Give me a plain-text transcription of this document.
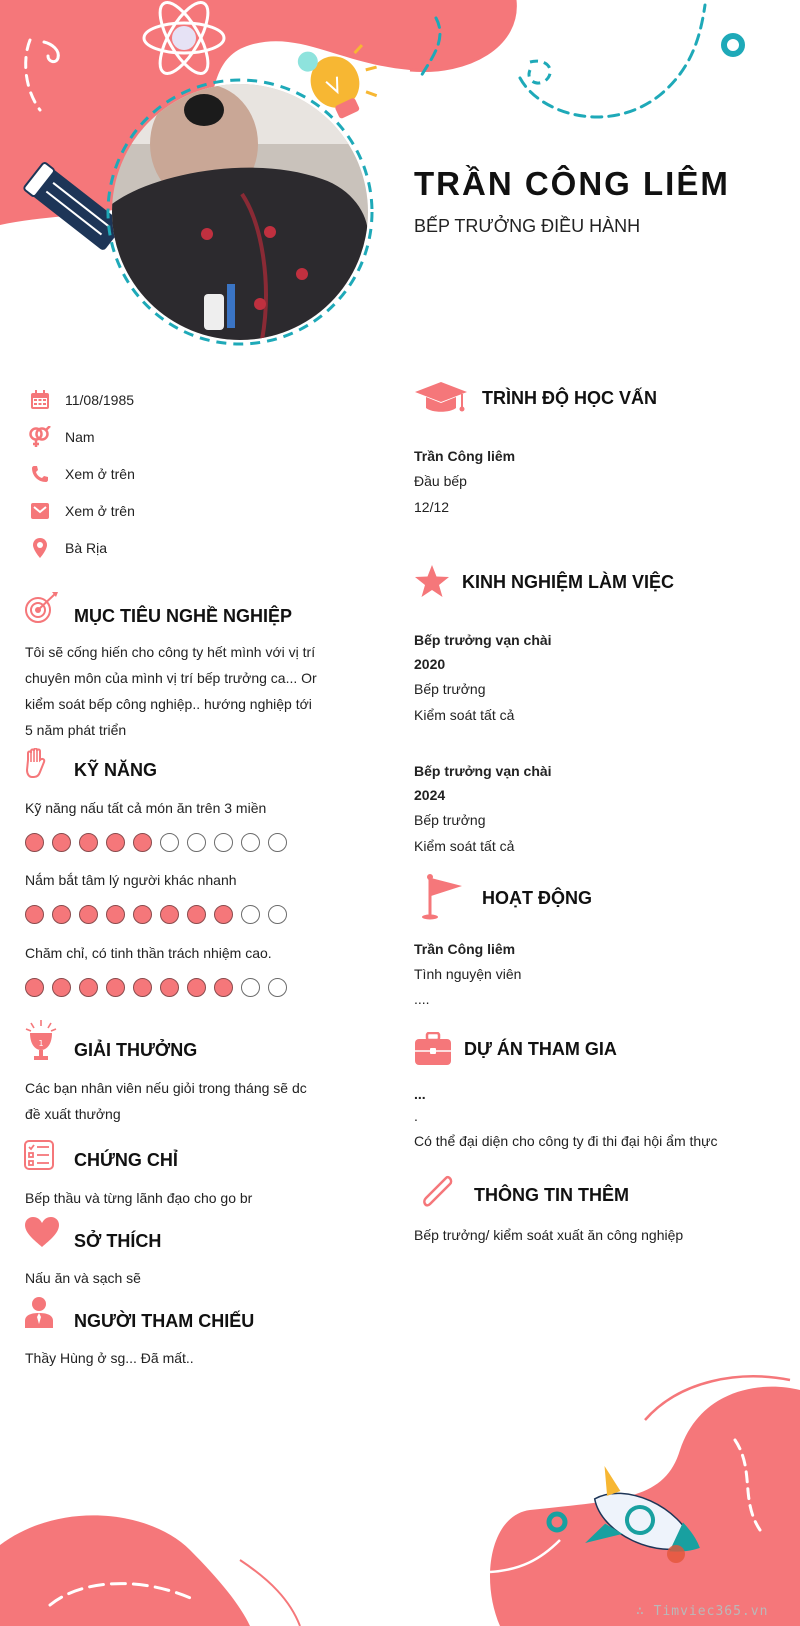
TRẦN CÔNG LIÊM
BẾP TRƯỞNG ĐIỀU HÀNH
11/08/1985
Nam
Xem ở trên
Xem ở trên
Bà Rịa
MỤC TIÊU NGHỀ NGHIỆP
Tôi sẽ cống hiến cho công ty hết mình với vị trí
chuyên môn của mình vị trí bếp trưởng ca... Or
kiểm soát bếp công nghiệp.. hướng nghiệp tới
5 năm phát triển
KỸ NĂNG
Kỹ năng nấu tất cả món ăn trên 3 miền
Nắm bắt tâm lý người khác nhanh
Chăm chỉ, có tinh thần trách nhiệm cao.
1 GIẢI THƯỞNG
Các bạn nhân viên nếu giỏi trong tháng sẽ dc
đề xuất thưởng
CHỨNG CHỈ
Bếp thầu và từng lãnh đạo cho go br
SỞ THÍCH
Nấu ăn và sạch sẽ
NGƯỜI THAM CHIẾU
Thầy Hùng ở sg... Đã mất..
TRÌNH ĐỘ HỌC VẤN
Trần Công liêm
Đầu bếp
12/12
KINH NGHIỆM LÀM VIỆC
Bếp trưởng vạn chài
2020
Bếp trưởng
Kiểm soát tất cả
Bếp trưởng vạn chài
2024
Bếp trưởng
Kiểm soát tất cả
HOẠT ĐỘNG
Trần Công liêm
Tình nguyện viên
....
DỰ ÁN THAM GIA
...
.
Có thể đại diện cho công ty đi thi đại hội ẩm thực
THÔNG TIN THÊM
Bếp trưởng/ kiểm soát xuất ăn công nghiệp
∴ Timviec365.vn
